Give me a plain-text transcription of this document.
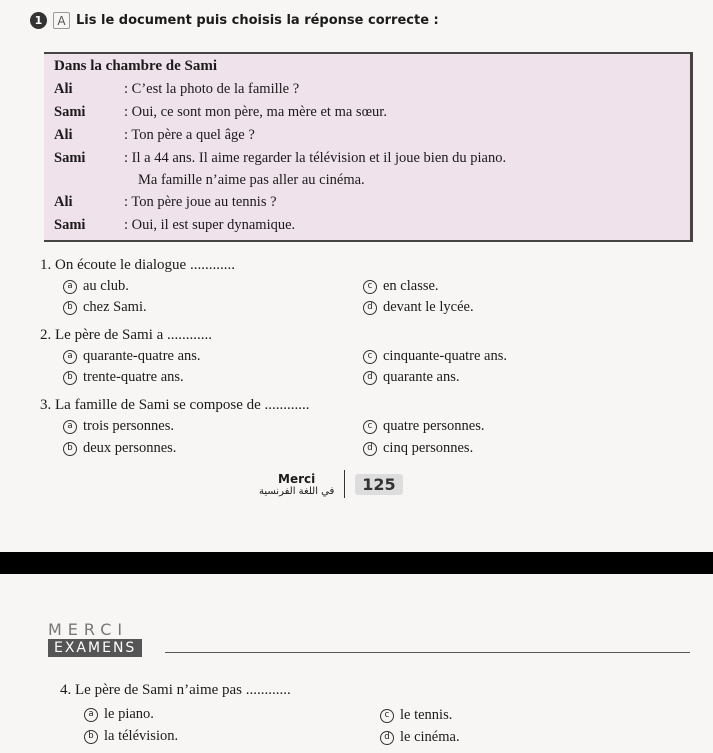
1	A Lis le document puis choisis la réponse correcte :
Dans la chambre de Sami
Ali	: C’est la photo de la famille ?
Sami	: Oui, ce sont mon père, ma mère et ma sœur.
Ali	: Ton père a quel âge ?
Sami	: Il a 44 ans. Il aime regarder la télévision et il joue bien du piano.
Ma famille n’aime pas aller au cinéma.
Ali	: Ton père joue au tennis ?
Sami	: Oui, il est super dynamique.
1. On écoute le dialogue ............
a au club.
b chez Sami.
c en classe.
d devant le lycée.
2. Le père de Sami a ............
a quarante-quatre ans.
b trente-quatre ans.
c cinquante-quatre ans.
d quarante ans.
3. La famille de Sami se compose de ............
a trois personnes.
b deux personnes.
c quatre personnes.
d cinq personnes.
Merci
في اللغة الفرنسية	125
MERCI
EXAMENS
4. Le père de Sami n’aime pas ............
a le piano.
b la télévision.
c le tennis.
d le cinéma.
